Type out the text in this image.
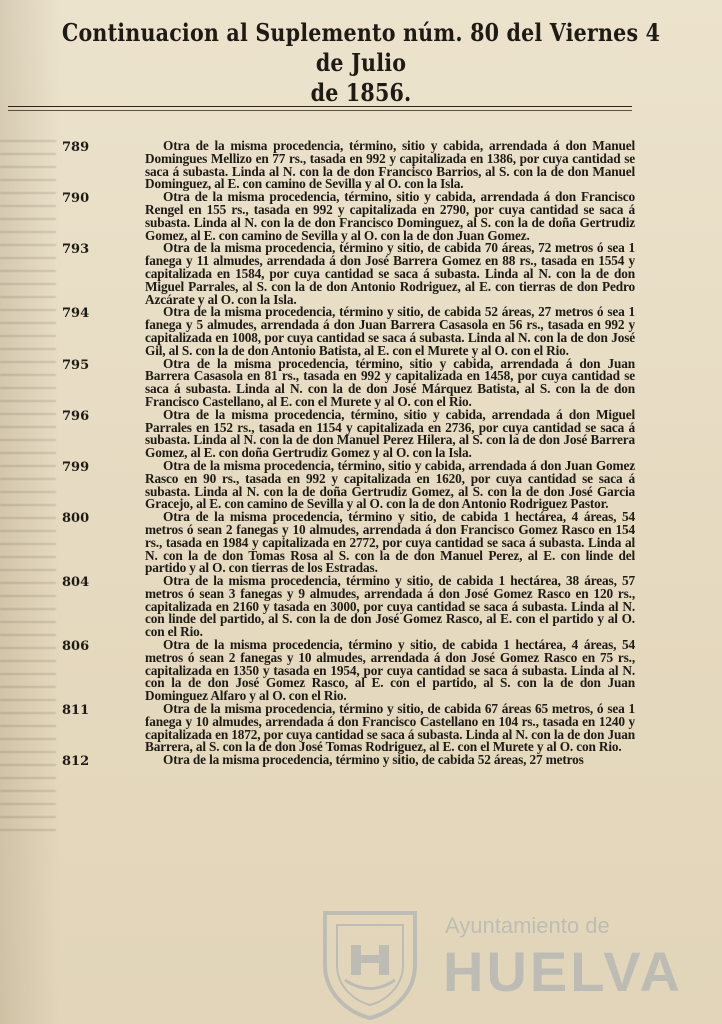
Continuacion al Suplemento núm. 80 del Viernes 4 de Julio
de 1856.
789	Otra de la misma procedencia, término, sitio y cabida, arrendada á don Manuel Domingues Mellizo en 77 rs., tasada en 992 y capitalizada en 1386, por cuya cantidad se saca á subasta. Linda al N. con la de don Francisco Barrios, al S. con la de don Manuel Dominguez, al E. con camino de Sevilla y al O. con la Isla.
790	Otra de la misma procedencia, término, sitio y cabida, arrendada á don Francisco Rengel en 155 rs., tasada en 992 y capitalizada en 2790, por cuya cantidad se saca á subasta. Linda al N. con la de don Francisco Dominguez, al S. con la de doña Gertrudiz Gomez, al E. con camino de Sevilla y al O. con la de don Juan Gomez.
793	Otra de la misma procedencia, término y sitio, de cabida 70 áreas, 72 metros ó sea 1 fanega y 11 almudes, arrendada á don José Barrera Gomez en 88 rs., tasada en 1554 y capitalizada en 1584, por cuya cantidad se saca á subasta. Linda al N. con la de don Miguel Parrales, al S. con la de don Antonio Rodriguez, al E. con tierras de don Pedro Azcárate y al O. con la Isla.
794	Otra de la misma procedencia, término y sitio, de cabida 52 áreas, 27 metros ó sea 1 fanega y 5 almudes, arrendada á don Juan Barrera Casasola en 56 rs., tasada en 992 y capitalizada en 1008, por cuya cantidad se saca á subasta. Linda al N. con la de don José Gil, al S. con la de don Antonio Batista, al E. con el Murete y al O. con el Rio.
795	Otra de la misma procedencia, término, sitio y cabida, arrendada á don Juan Barrera Casasola en 81 rs., tasada en 992 y capitalizada en 1458, por cuya cantidad se saca á subasta. Linda al N. con la de don José Márquez Batista, al S. con la de don Francisco Castellano, al E. con el Murete y al O. con el Rio.
796	Otra de la misma procedencia, término, sitio y cabida, arrendada á don Miguel Parrales en 152 rs., tasada en 1154 y capitalizada en 2736, por cuya cantidad se saca á subasta. Linda al N. con la de don Manuel Perez Hilera, al S. con la de don José Barrera Gomez, al E. con doña Gertrudiz Gomez y al O. con la Isla.
799	Otra de la misma procedencia, término, sitio y cabida, arrendada á don Juan Gomez Rasco en 90 rs., tasada en 992 y capitalizada en 1620, por cuya cantidad se saca á subasta. Linda al N. con la de doña Gertrudiz Gomez, al S. con la de don José Garcia Gracejo, al E. con camino de Sevilla y al O. con la de don Antonio Rodriguez Pastor.
800	Otra de la misma procedencia, término y sitio, de cabida 1 hectárea, 4 áreas, 54 metros ó sean 2 fanegas y 10 almudes, arrendada á don Francisco Gomez Rasco en 154 rs., tasada en 1984 y capitalizada en 2772, por cuya cantidad se saca á subasta. Linda al N. con la de don Tomas Rosa al S. con la de don Manuel Perez, al E. con linde del partido y al O. con tierras de los Estradas.
804	Otra de la misma procedencia, término y sitio, de cabida 1 hectárea, 38 áreas, 57 metros ó sean 3 fanegas y 9 almudes, arrendada á don José Gomez Rasco en 120 rs., capitalizada en 2160 y tasada en 3000, por cuya cantidad se saca á subasta. Linda al N. con linde del partido, al S. con la de don José Gomez Rasco, al E. con el partido y al O. con el Rio.
806	Otra de la misma procedencia, término y sitio, de cabida 1 hectárea, 4 áreas, 54 metros ó sean 2 fanegas y 10 almudes, arrendada á don José Gomez Rasco en 75 rs., capitalizada en 1350 y tasada en 1954, por cuya cantidad se saca á subasta. Linda al N. con la de don José Gomez Rasco, al E. con el partido, al S. con la de don Juan Dominguez Alfaro y al O. con el Rio.
811	Otra de la misma procedencia, término y sitio, de cabida 67 áreas 65 metros, ó sea 1 fanega y 10 almudes, arrendada á don Francisco Castellano en 104 rs., tasada en 1240 y capitalizada en 1872, por cuya cantidad se saca á subasta. Linda al N. con la de don Juan Barrera, al S. con la de don José Tomas Rodriguez, al E. con el Murete y al O. con Rio.
812	Otra de la misma procedencia, término y sitio, de cabida 52 áreas, 27 metros
Ayuntamiento de
HUELVA
